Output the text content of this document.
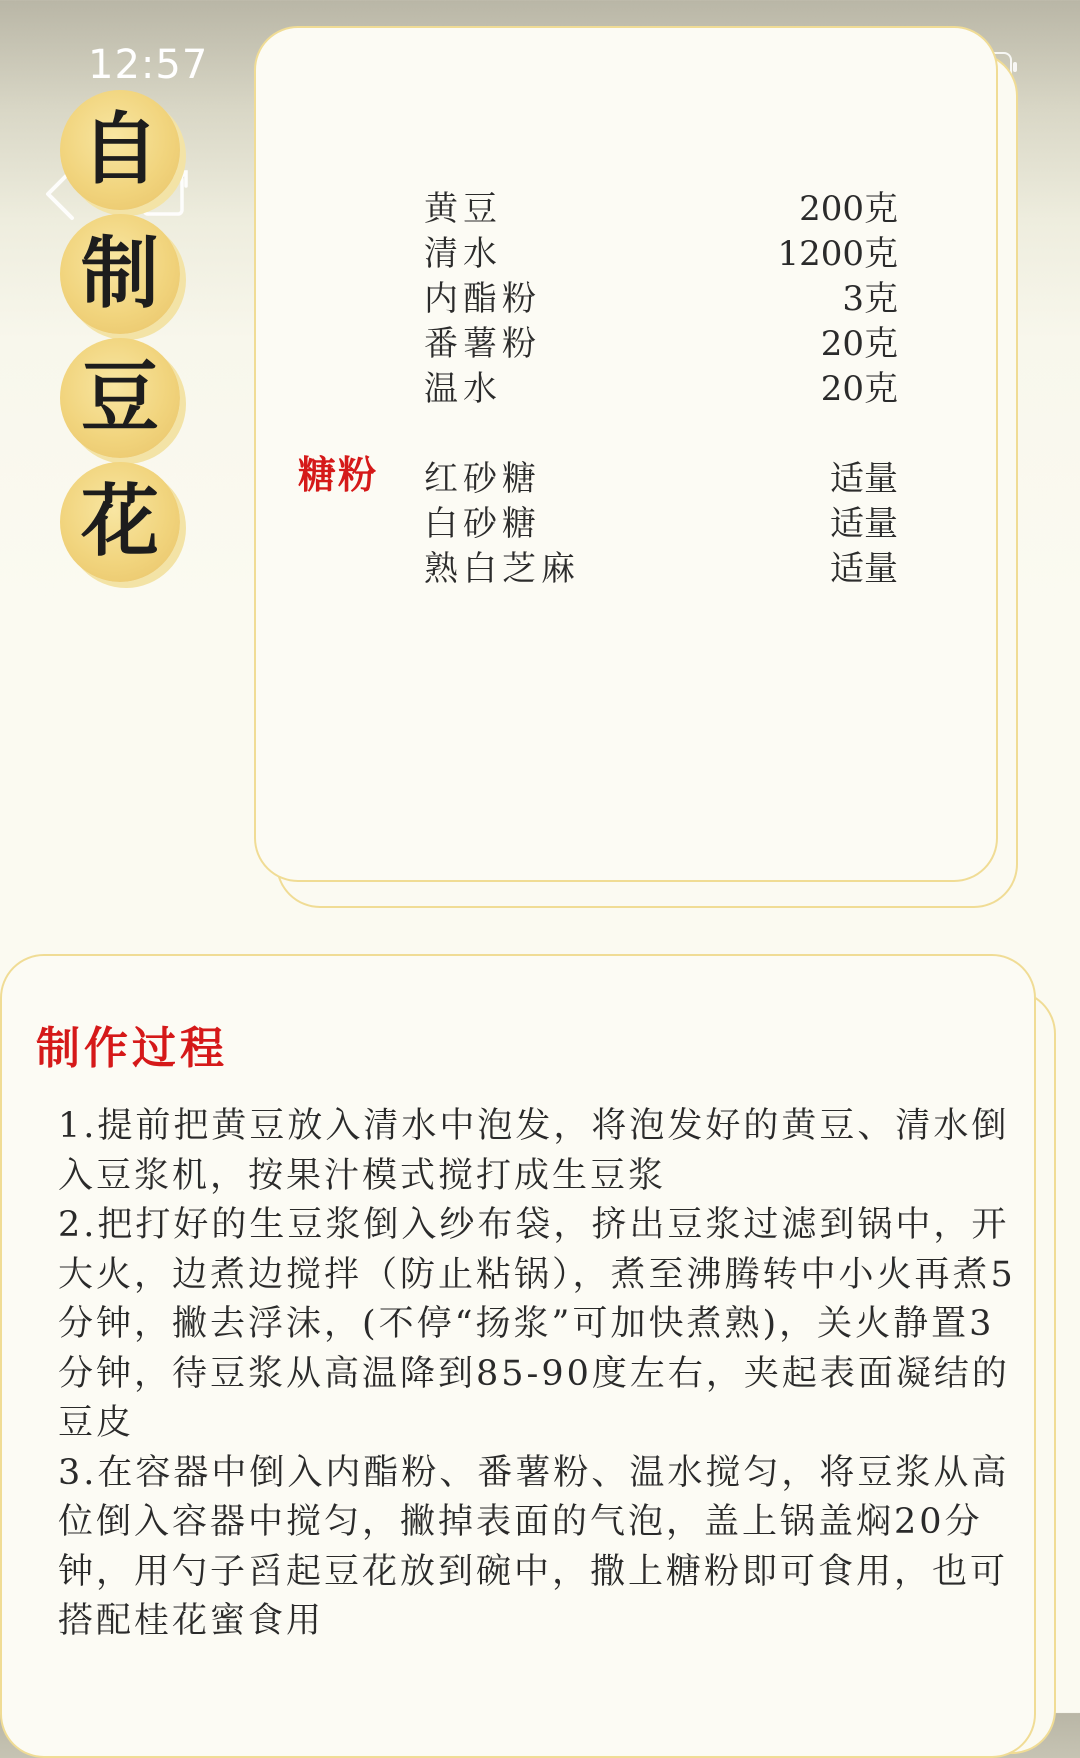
12:57
自
制
豆
花
黄豆	200克
清水	1200克
内酯粉	3克
番薯粉	20克
温水	20克
糖粉 红砂糖	适量
白砂糖	适量
熟白芝麻	适量
制作过程

1.提前把黄豆放入清水中泡发，将泡发好的黄豆、清水倒入豆浆机，按果汁模式搅打成生豆浆

2.把打好的生豆浆倒入纱布袋，挤出豆浆过滤到锅中，开大火，边煮边搅拌（防止粘锅），煮至沸腾转中小火再煮5分钟，撇去浮沫，(不停“扬浆”可加快煮熟)，关火静置3分钟，待豆浆从高温降到85-90度左右，夹起表面凝结的豆皮

3.在容器中倒入内酯粉、番薯粉、温水搅匀，将豆浆从高位倒入容器中搅匀，撇掉表面的气泡，盖上锅盖焖20分钟，用勺子舀起豆花放到碗中，撒上糖粉即可食用，也可搭配桂花蜜食用
